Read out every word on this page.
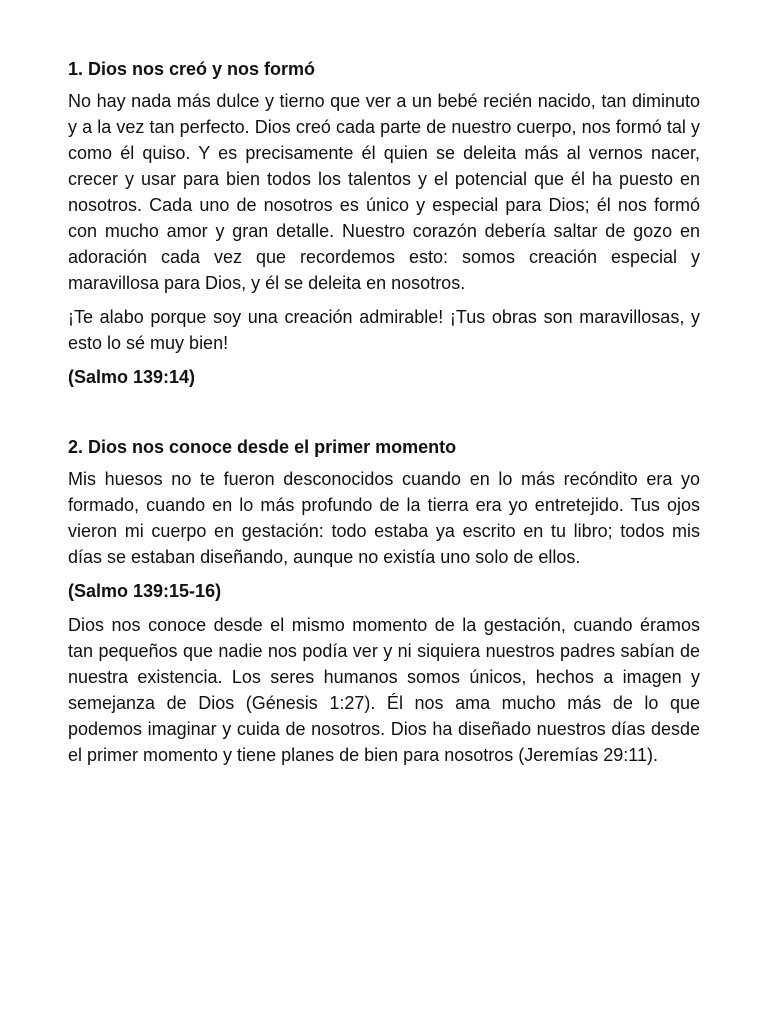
1. Dios nos creó y nos formó

No hay nada más dulce y tierno que ver a un bebé recién nacido, tan diminuto y a la vez tan perfecto. Dios creó cada parte de nuestro cuerpo, nos formó tal y como él quiso. Y es precisamente él quien se deleita más al vernos nacer, crecer y usar para bien todos los talentos y el potencial que él ha puesto en nosotros. Cada uno de nosotros es único y especial para Dios; él nos formó con mucho amor y gran detalle. Nuestro corazón debería saltar de gozo en adoración cada vez que recordemos esto: somos creación especial y maravillosa para Dios, y él se deleita en nosotros.

¡Te alabo porque soy una creación admirable! ¡Tus obras son maravillosas, y esto lo sé muy bien!

(Salmo 139:14)
2. Dios nos conoce desde el primer momento

Mis huesos no te fueron desconocidos cuando en lo más recóndito era yo formado, cuando en lo más profundo de la tierra era yo entretejido. Tus ojos vieron mi cuerpo en gestación: todo estaba ya escrito en tu libro; todos mis días se estaban diseñando, aunque no existía uno solo de ellos.

(Salmo 139:15-16)

Dios nos conoce desde el mismo momento de la gestación, cuando éramos tan pequeños que nadie nos podía ver y ni siquiera nuestros padres sabían de nuestra existencia. Los seres humanos somos únicos, hechos a imagen y semejanza de Dios (Génesis 1:27). Él nos ama mucho más de lo que podemos imaginar y cuida de nosotros. Dios ha diseñado nuestros días desde el primer momento y tiene planes de bien para nosotros (Jeremías 29:11).
